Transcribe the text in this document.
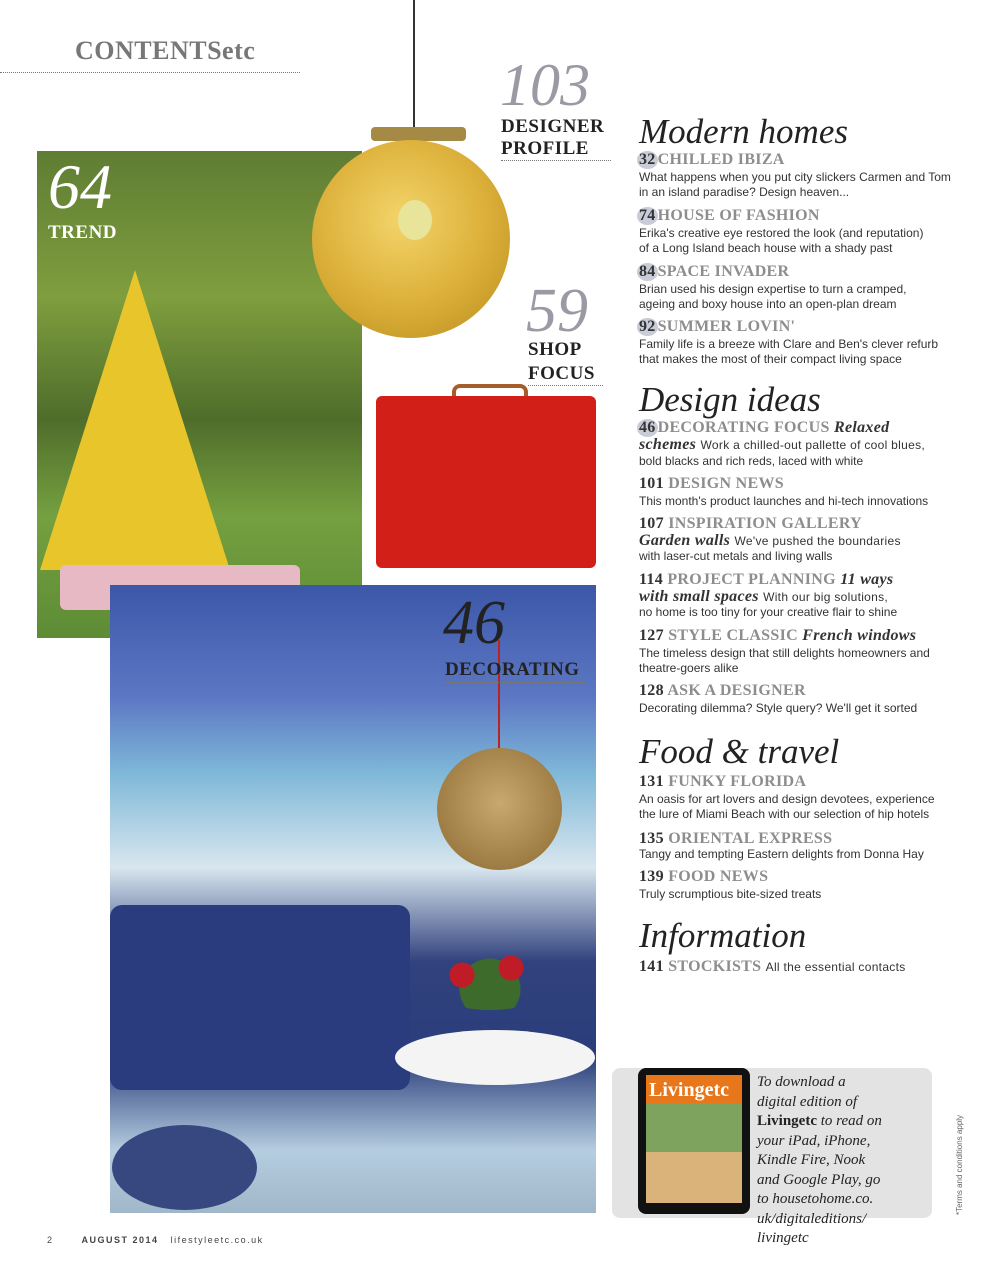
CONTENTSetc
64
TREND
103
DESIGNER
PROFILE
59
SHOP
FOCUS
46
DECORATING
Modern homes
32 CHILLED IBIZA
What happens when you put city slickers Carmen and Tom
in an island paradise? Design heaven...
74 HOUSE OF FASHION
Erika's creative eye restored the look (and reputation)
of a Long Island beach house with a shady past
84 SPACE INVADER
Brian used his design expertise to turn a cramped,
ageing and boxy house into an open-plan dream
92 SUMMER LOVIN'
Family life is a breeze with Clare and Ben's clever refurb
that makes the most of their compact living space
Design ideas
46 DECORATING FOCUS Relaxed
schemes Work a chilled-out pallette of cool blues,
bold blacks and rich reds, laced with white
101 DESIGN NEWS
This month's product launches and hi-tech innovations
107 INSPIRATION GALLERY
Garden walls We've pushed the boundaries
with laser-cut metals and living walls
114 PROJECT PLANNING 11 ways
with small spaces With our big solutions,
no home is too tiny for your creative flair to shine
127 STYLE CLASSIC French windows
The timeless design that still delights homeowners and
theatre-goers alike
128 ASK A DESIGNER
Decorating dilemma? Style query? We'll get it sorted
Food & travel
131 FUNKY FLORIDA
An oasis for art lovers and design devotees, experience
the lure of Miami Beach with our selection of hip hotels
135 ORIENTAL EXPRESS
Tangy and tempting Eastern delights from Donna Hay
139 FOOD NEWS
Truly scrumptious bite-sized treats
Information
141 STOCKISTS All the essential contacts
Livingetc To download a
digital edition of
Livingetc to read on
your iPad, iPhone,
Kindle Fire, Nook
and Google Play, go
to housetohome.co.
uk/digitaleditions/
livingetc
*Terms and conditions apply
2	AUGUST 2014 lifestyleetc.co.uk
